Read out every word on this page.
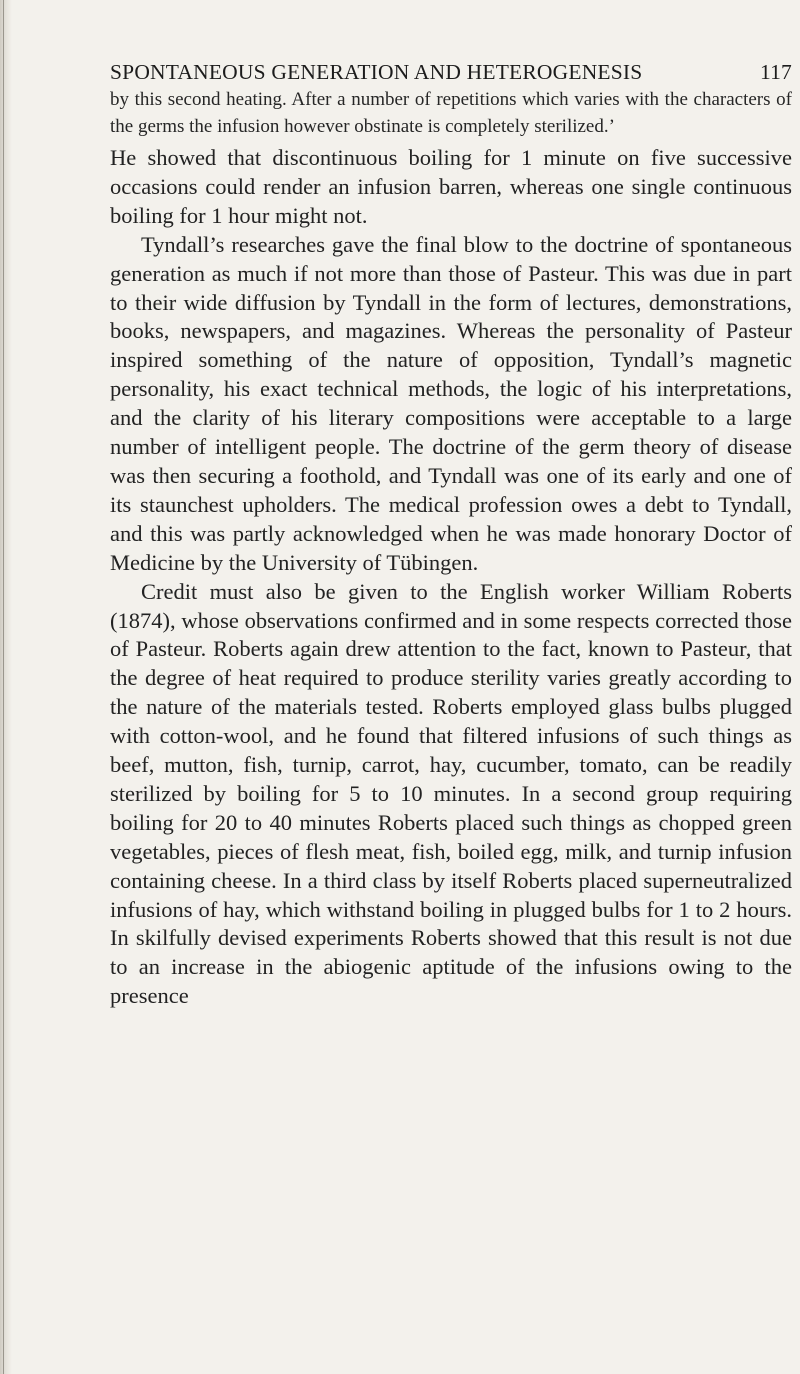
SPONTANEOUS GENERATION AND HETEROGENESIS	117

by this second heating. After a number of repetitions which varies with the characters of the germs the infusion however obstinate is completely sterilized.’

He showed that discontinuous boiling for 1 minute on five successive occasions could render an infusion barren, whereas one single continuous boiling for 1 hour might not.

Tyndall’s researches gave the final blow to the doctrine of spontaneous generation as much if not more than those of Pasteur. This was due in part to their wide diffusion by Tyndall in the form of lectures, demonstrations, books, newspapers, and magazines. Whereas the personality of Pasteur inspired something of the nature of opposition, Tyndall’s magnetic personality, his exact technical methods, the logic of his interpretations, and the clarity of his literary compositions were acceptable to a large number of intelligent people. The doctrine of the germ theory of disease was then securing a foothold, and Tyndall was one of its early and one of its staunchest upholders. The medical profession owes a debt to Tyndall, and this was partly acknowledged when he was made honorary Doctor of Medicine by the University of Tübingen.

Credit must also be given to the English worker William Roberts (1874), whose observations confirmed and in some respects corrected those of Pasteur. Roberts again drew attention to the fact, known to Pasteur, that the degree of heat required to produce sterility varies greatly according to the nature of the materials tested. Roberts employed glass bulbs plugged with cotton-wool, and he found that filtered infusions of such things as beef, mutton, fish, turnip, carrot, hay, cucumber, tomato, can be readily sterilized by boiling for 5 to 10 minutes. In a second group requiring boiling for 20 to 40 minutes Roberts placed such things as chopped green vegetables, pieces of flesh meat, fish, boiled egg, milk, and turnip infusion containing cheese. In a third class by itself Roberts placed superneutralized infusions of hay, which withstand boiling in plugged bulbs for 1 to 2 hours. In skilfully devised experiments Roberts showed that this result is not due to an increase in the abiogenic aptitude of the infusions owing to the presence
